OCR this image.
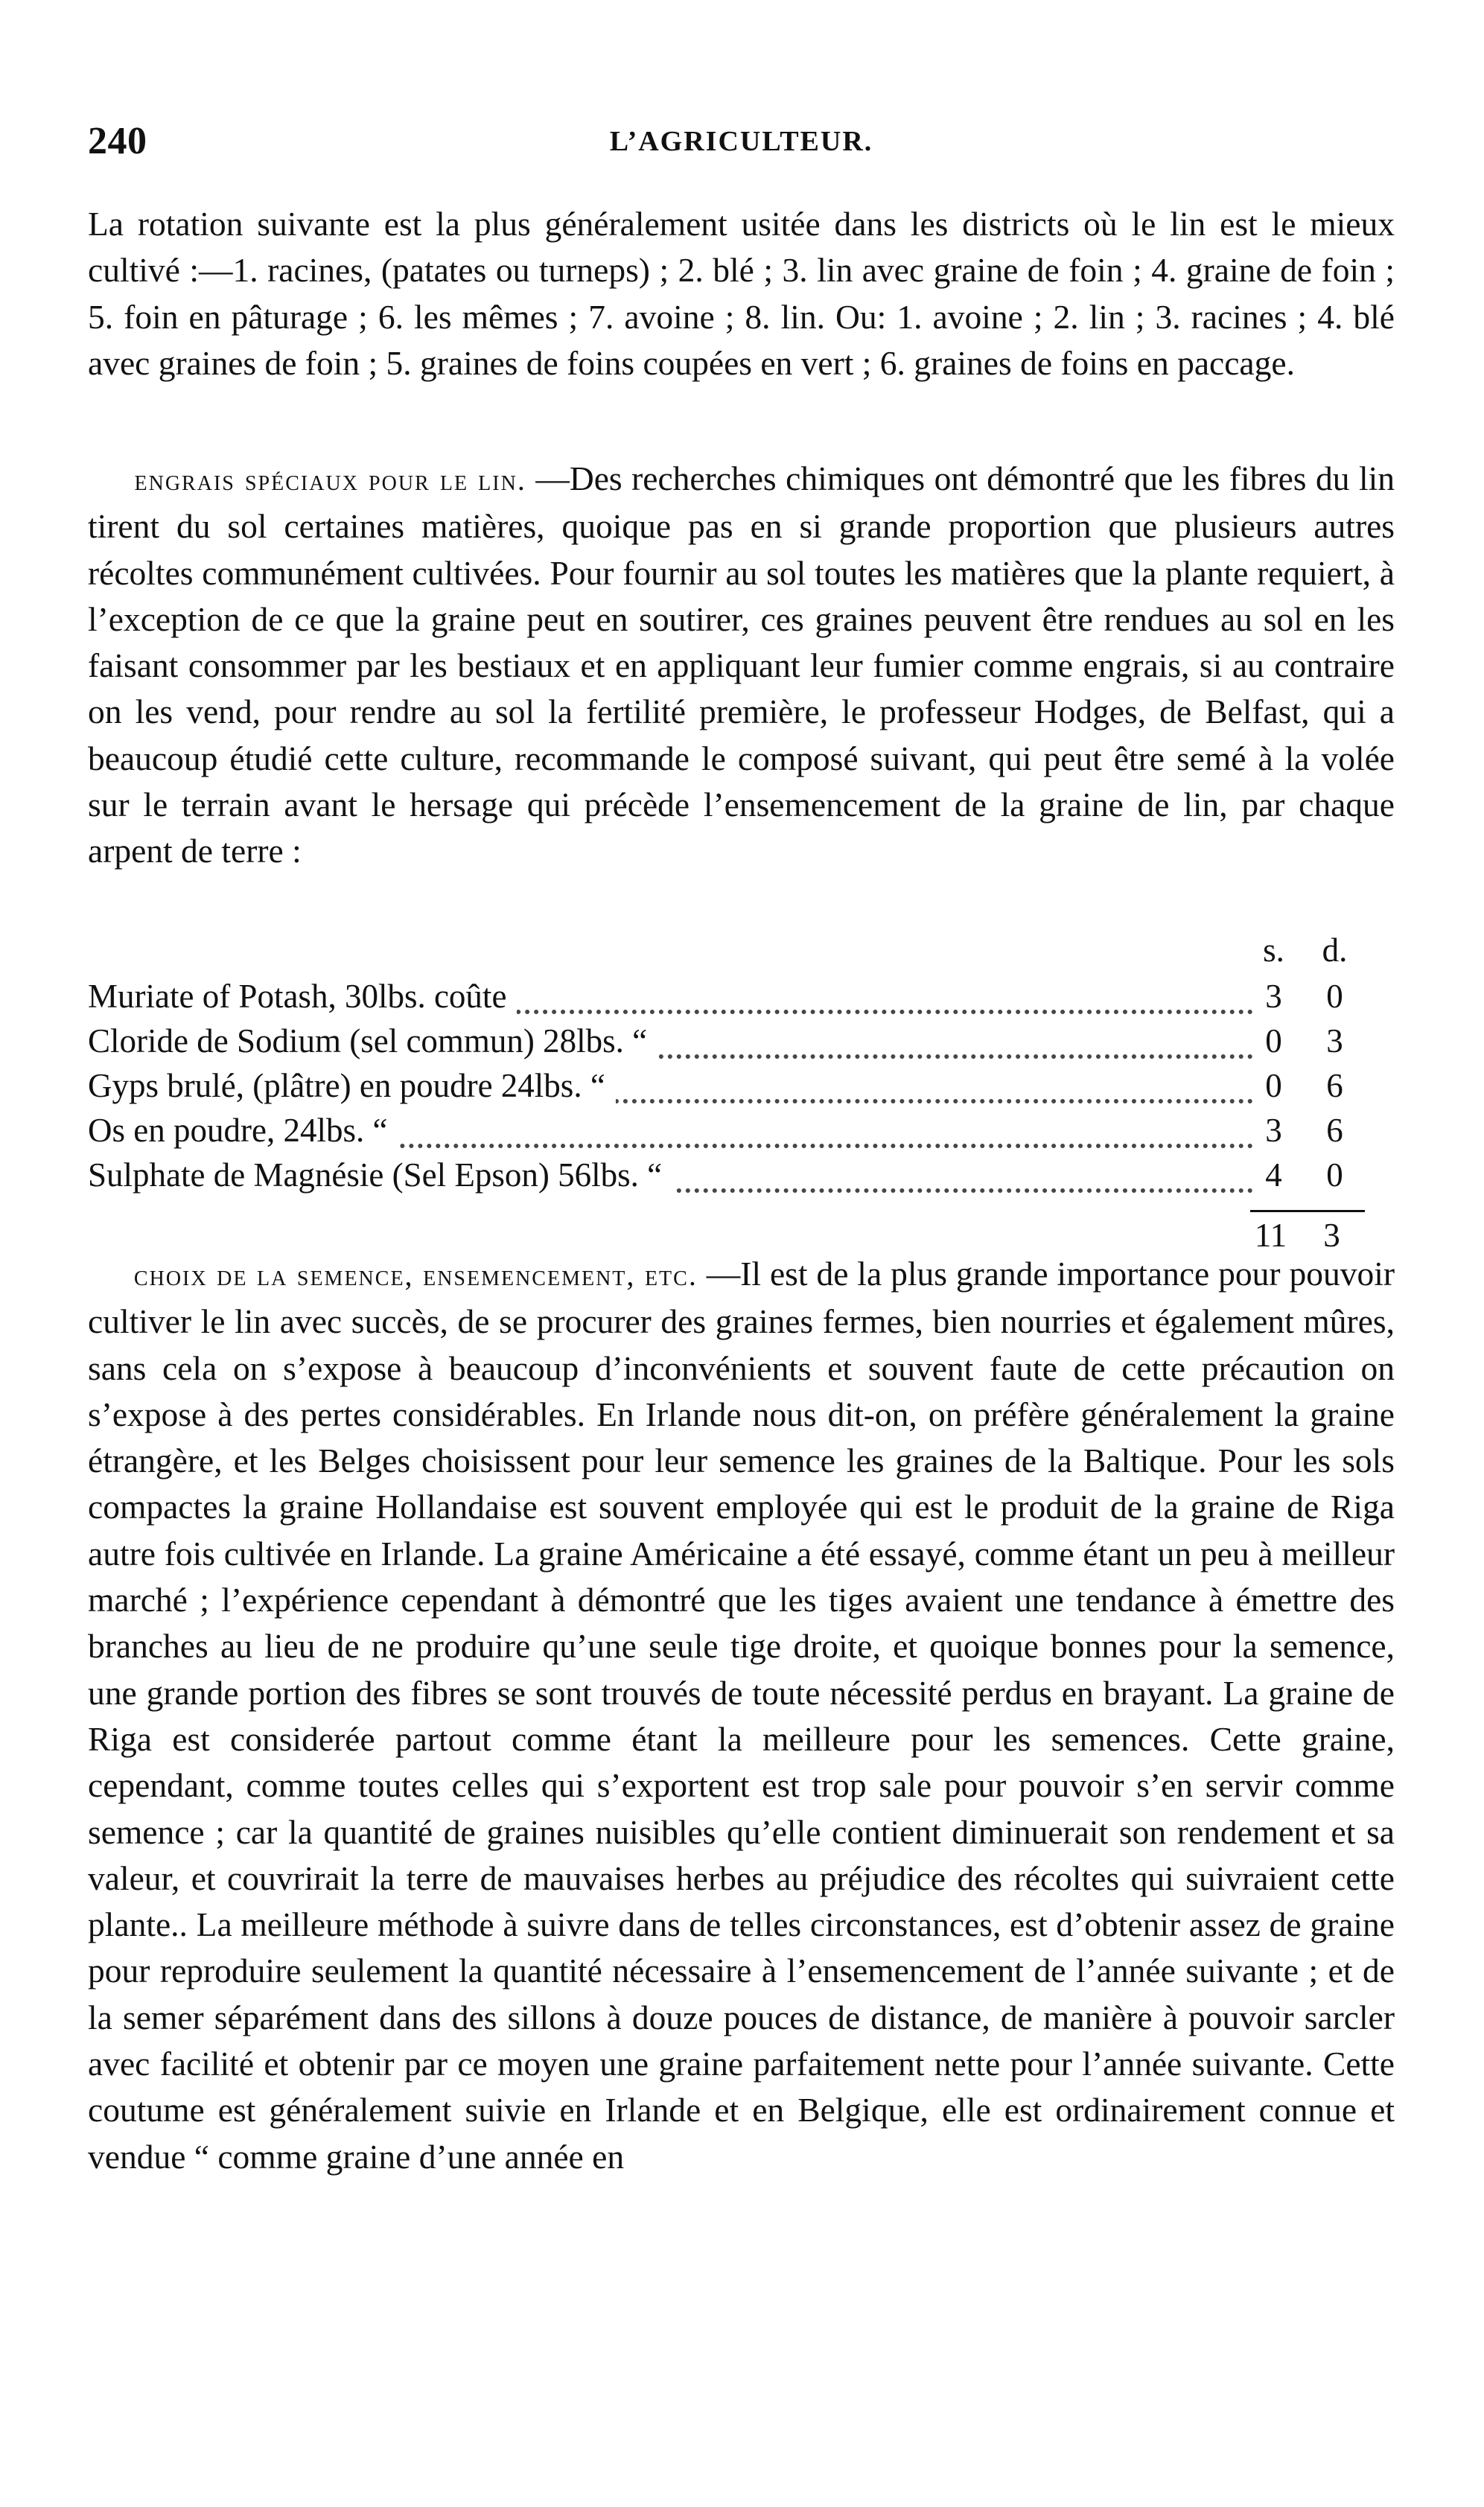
240	L’AGRICULTEUR.
La rotation suivante est la plus généralement usitée dans les districts où le lin est le mieux cultivé :—1. racines, (patates ou turneps) ; 2. blé ; 3. lin avec graine de foin ; 4. graine de foin ; 5. foin en pâturage ; 6. les mêmes ; 7. avoine ; 8. lin. Ou: 1. avoine ; 2. lin ; 3. racines ; 4. blé avec graines de foin ; 5. graines de foins coupées en vert ; 6. graines de foins en paccage.
engrais spéciaux pour le lin. —Des recherches chimiques ont démontré que les fibres du lin tirent du sol certaines matières, quoique pas en si grande proportion que plusieurs autres récoltes communément cultivées. Pour fournir au sol toutes les matières que la plante requiert, à l’exception de ce que la graine peut en soutirer, ces graines peuvent être rendues au sol en les faisant consommer par les bestiaux et en appliquant leur fumier comme engrais, si au contraire on les vend, pour rendre au sol la fertilité première, le professeur Hodges, de Belfast, qui a beaucoup étudié cette culture, recommande le composé suivant, qui peut être semé à la volée sur le terrain avant le hersage qui précède l’ensemencement de la graine de lin, par chaque arpent de terre :
s. d.
Muriate of Potash, 30lbs. coûte	3	0
Cloride de Sodium (sel commun) 28lbs. “	0	3
Gyps brulé, (plâtre) en poudre 24lbs. “	0	6
Os en poudre, 24lbs. “	3	6
Sulphate de Magnésie (Sel Epson) 56lbs. “	4	0
11	3
choix de la semence, ensemencement, etc. —Il est de la plus grande importance pour pouvoir cultiver le lin avec succès, de se procurer des graines fermes, bien nourries et également mûres, sans cela on s’expose à beaucoup d’inconvénients et souvent faute de cette précaution on s’expose à des pertes considérables. En Irlande nous dit-on, on préfère généralement la graine étrangère, et les Belges choisissent pour leur semence les graines de la Baltique. Pour les sols compactes la graine Hollandaise est souvent employée qui est le produit de la graine de Riga autre fois cultivée en Irlande. La graine Américaine a été essayé, comme étant un peu à meilleur marché ; l’expérience cependant à démontré que les tiges avaient une tendance à émettre des branches au lieu de ne produire qu’une seule tige droite, et quoique bonnes pour la semence, une grande portion des fibres se sont trouvés de toute nécessité perdus en brayant. La graine de Riga est considerée partout comme étant la meilleure pour les semences. Cette graine, cependant, comme toutes celles qui s’exportent est trop sale pour pouvoir s’en servir comme semence ; car la quantité de graines nuisibles qu’elle contient diminuerait son rendement et sa valeur, et couvrirait la terre de mauvaises herbes au préjudice des récoltes qui suivraient cette plante.. La meilleure méthode à suivre dans de telles circonstances, est d’obtenir assez de graine pour reproduire seulement la quantité nécessaire à l’ensemencement de l’année suivante ; et de la semer séparément dans des sillons à douze pouces de distance, de manière à pouvoir sarcler avec facilité et obtenir par ce moyen une graine parfaitement nette pour l’année suivante. Cette coutume est généralement suivie en Irlande et en Belgique, elle est ordinairement connue et vendue “ comme graine d’une année en
